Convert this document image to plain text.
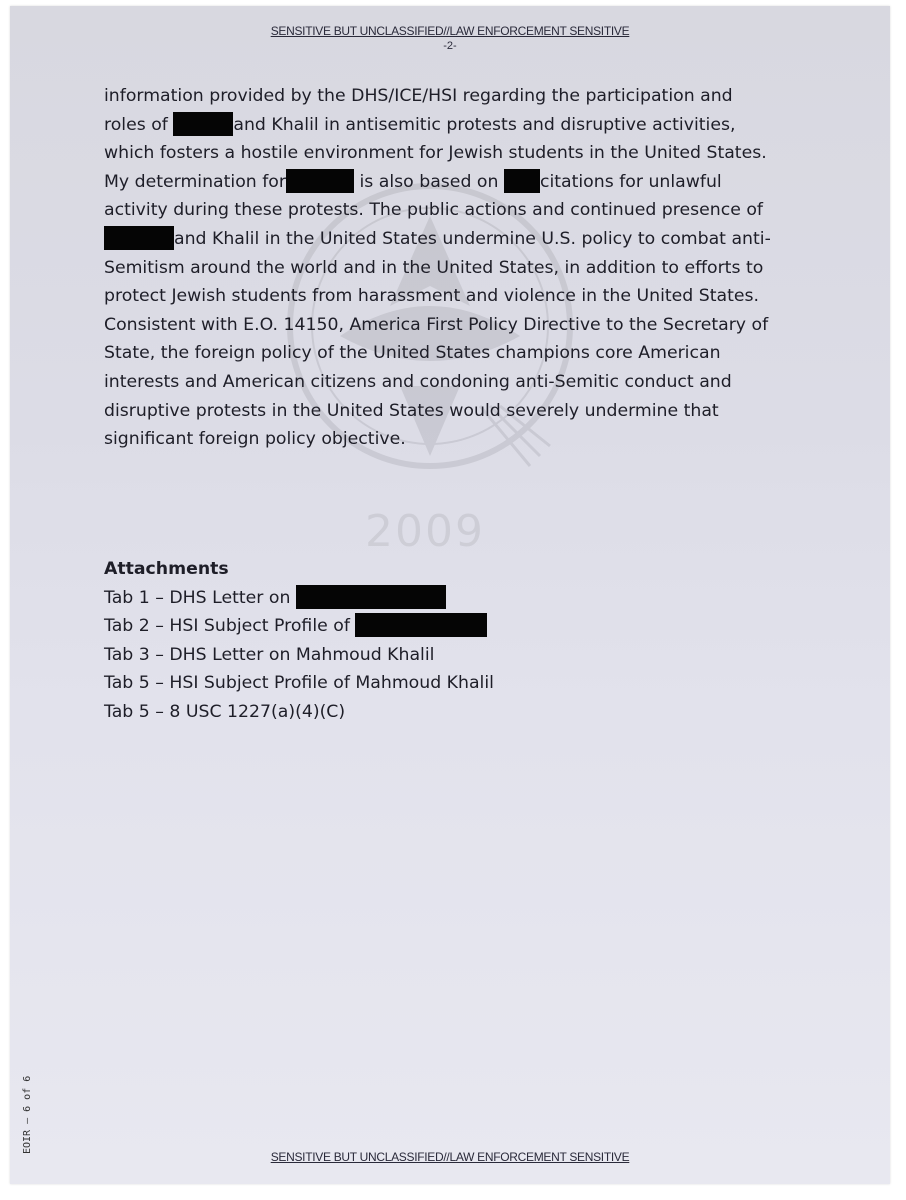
SENSITIVE BUT UNCLASSIFIED//LAW ENFORCEMENT SENSITIVE
-2-
2009
information provided by the DHS/ICE/HSI regarding the participation and
roles of	and Khalil in antisemitic protests and disruptive activities,
which fosters a hostile environment for Jewish students in the United States.
My determination for	is also based on citations for unlawful
activity during these protests. The public actions and continued presence of
and Khalil in the United States undermine U.S. policy to combat anti-
Semitism around the world and in the United States, in addition to efforts to
protect Jewish students from harassment and violence in the United States.
Consistent with E.O. 14150, America First Policy Directive to the Secretary of
State, the foreign policy of the United States champions core American
interests and American citizens and condoning anti-Semitic conduct and
disruptive protests in the United States would severely undermine that
significant foreign policy objective.
Attachments
Tab 1 – DHS Letter on
Tab 2 – HSI Subject Profile of
Tab 3 – DHS Letter on Mahmoud Khalil
Tab 5 – HSI Subject Profile of Mahmoud Khalil
Tab 5 – 8 USC 1227(a)(4)(C)
EOIR – 6 of 6
SENSITIVE BUT UNCLASSIFIED//LAW ENFORCEMENT SENSITIVE
